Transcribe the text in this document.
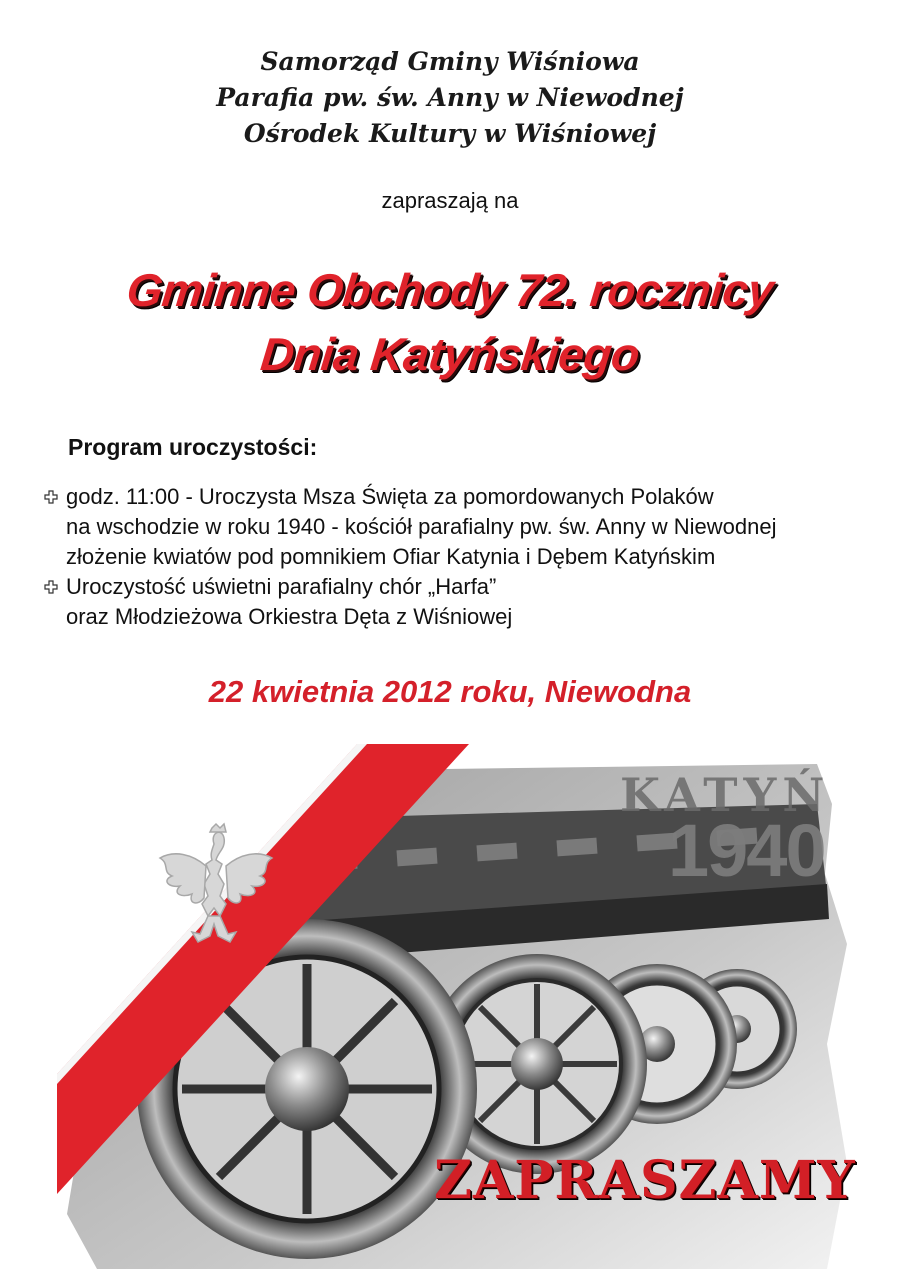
Samorząd Gminy Wiśniowa
Parafia pw. św. Anny w Niewodnej
Ośrodek Kultury w Wiśniowej
zapraszają na
Gminne Obchody 72. rocznicy
Dnia Katyńskiego
Program uroczystości:
godz. 11:00 - Uroczysta Msza Święta za pomordowanych Polaków
na wschodzie w roku 1940 - kościół parafialny pw. św. Anny w Niewodnej
złożenie kwiatów pod pomnikiem Ofiar Katynia i Dębem Katyńskim
Uroczystość uświetni parafialny chór „Harfa”
oraz Młodzieżowa Orkiestra Dęta z Wiśniowej
22 kwietnia 2012 roku, Niewodna
KATYŃ
1940
ZAPRASZAMY
